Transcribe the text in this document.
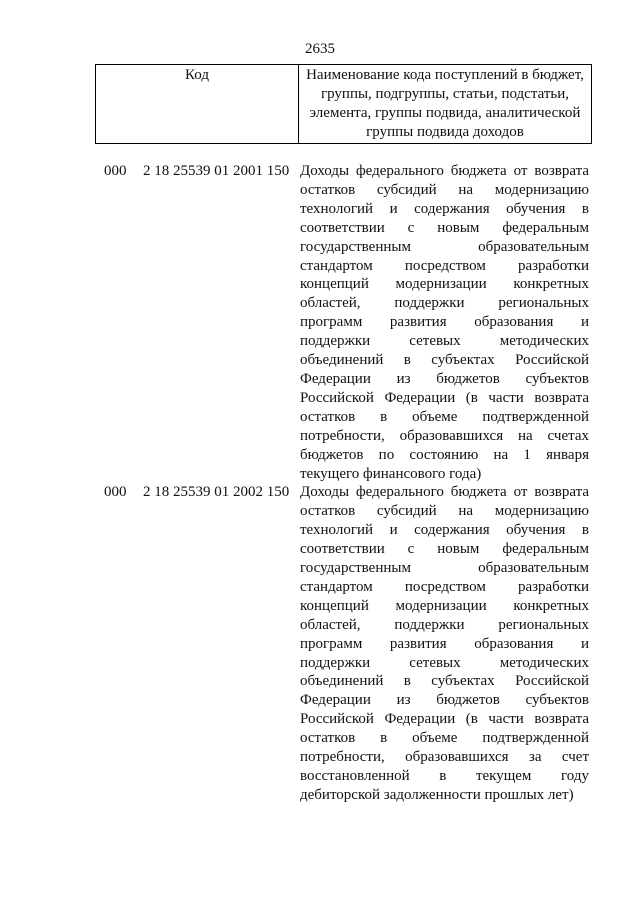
2635
Код	Наименование кода поступлений в бюджет, группы, подгруппы, статьи, подстатьи, элемента, группы подвида, аналитической группы подвида доходов
000 2 18 25539 01 2001 150 Доходы федерального бюджета от возврата остатков субсидий на модернизацию технологий и содержания обучения в соответствии с новым федеральным государственным образовательным стандартом посредством разработки концепций модернизации конкретных областей, поддержки региональных программ развития образования и поддержки сетевых методических объединений в субъектах Российской Федерации из бюджетов субъектов Российской Федерации (в части возврата остатков в объеме подтвержденной потребности, образовавшихся на счетах бюджетов по состоянию на 1 января текущего финансового года)
000 2 18 25539 01 2002 150 Доходы федерального бюджета от возврата остатков субсидий на модернизацию технологий и содержания обучения в соответствии с новым федеральным государственным образовательным стандартом посредством разработки концепций модернизации конкретных областей, поддержки региональных программ развития образования и поддержки сетевых методических объединений в субъектах Российской Федерации из бюджетов субъектов Российской Федерации (в части возврата остатков в объеме подтвержденной потребности, образовавшихся за счет восстановленной в текущем году дебиторской задолженности прошлых лет)
